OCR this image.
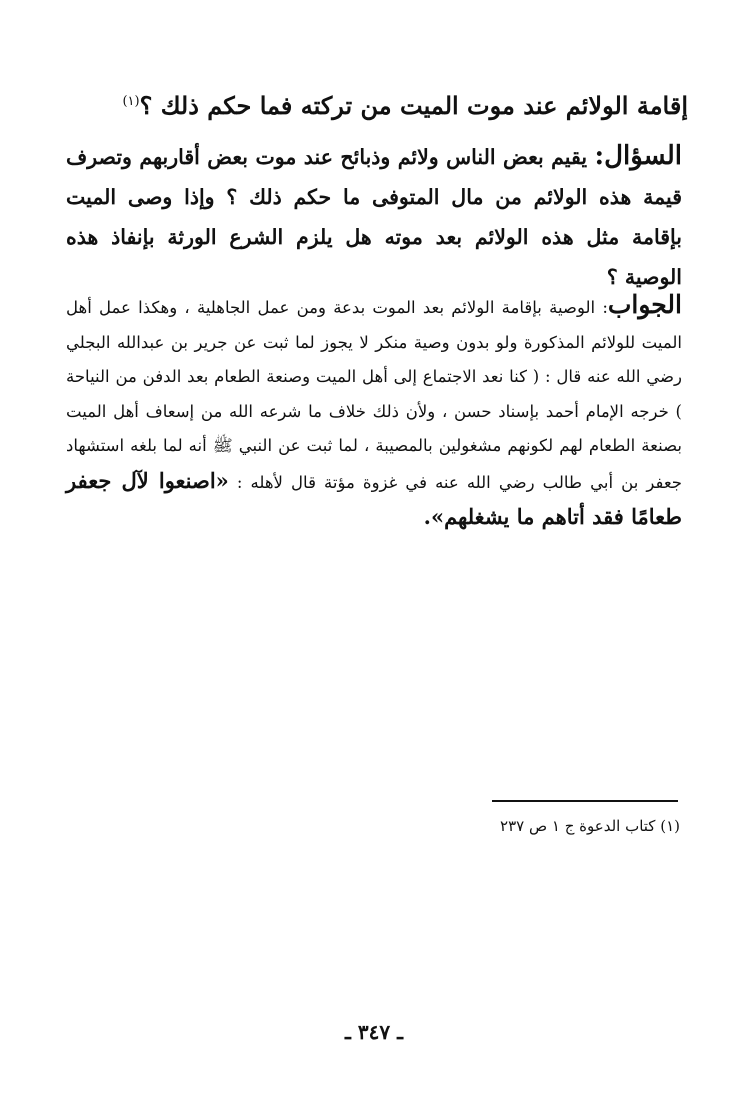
إقامة الولائم عند موت الميت من تركته فما حكم ذلك ؟$^{(١)}$
السؤال: يقيم بعض الناس ولائم وذبائح عند موت بعض أقاربهم وتصرف قيمة هذه الولائم من مال المتوفى ما حكم ذلك ؟ وإذا وصى الميت بإقامة مثل هذه الولائم بعد موته هل يلزم الشرع الورثة بإنفاذ هذه الوصية ؟
الجواب: الوصية بإقامة الولائم بعد الموت بدعة ومن عمل الجاهلية ، وهكذا عمل أهل الميت للولائم المذكورة ولو بدون وصية منكر لا يجوز لما ثبت عن جرير بن عبدالله البجلي رضي الله عنه قال : ( كنا نعد الاجتماع إلى أهل الميت وصنعة الطعام بعد الدفن من النياحة ) خرجه الإمام أحمد بإسناد حسن ، ولأن ذلك خلاف ما شرعه الله من إسعاف أهل الميت بصنعة الطعام لهم لكونهم مشغولين بالمصيبة ، لما ثبت عن النبي ﷺ أنه لما بلغه استشهاد جعفر بن أبي طالب رضي الله عنه في غزوة مؤتة قال لأهله : «اصنعوا لآل جعفر طعامًا فقد أتاهم ما يشغلهم».
(١) كتاب الدعوة ج ١ ص ٢٣٧
ـ ٣٤٧ ـ
